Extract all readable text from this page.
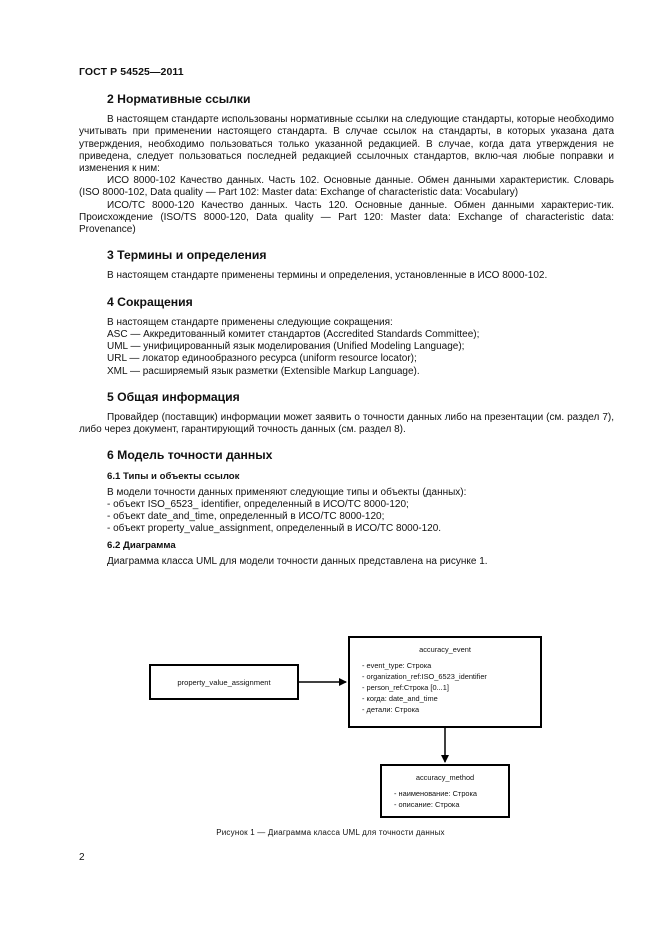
ГОСТ Р 54525—2011
2 Нормативные ссылки

В настоящем стандарте использованы нормативные ссылки на следующие стандарты, которые необходимо учитывать при применении настоящего стандарта. В случае ссылок на стандарты, в которых указана дата утверждения, необходимо пользоваться только указанной редакцией. В случае, когда дата утверждения не приведена, следует пользоваться последней редакцией ссылочных стандартов, вклю-чая любые поправки и изменения к ним:

ИСО 8000-102 Качество данных. Часть 102. Основные данные. Обмен данными характеристик. Словарь (ISO 8000-102, Data quality — Part 102: Master data: Exchange of characteristic data: Vocabulary)

ИСО/ТС 8000-120 Качество данных. Часть 120. Основные данные. Обмен данными характерис-тик. Происхождение (ISO/TS 8000-120, Data quality — Part 120: Master data: Exchange of characteristic data: Provenance)

3 Термины и определения

В настоящем стандарте применены термины и определения, установленные в ИСО 8000-102.

4 Сокращения

В настоящем стандарте применены следующие сокращения:

ASC — Аккредитованный комитет стандартов (Accredited Standards Committee);

UML — унифицированный язык моделирования (Unified Modeling Language);

URL — локатор единообразного ресурса (uniform resource locator);

XML — расширяемый язык разметки (Extensible Markup Language).

5 Общая информация

Провайдер (поставщик) информации может заявить о точности данных либо на презентации (см. раздел 7), либо через документ, гарантирующий точность данных (см. раздел 8).

6 Модель точности данных
6.1 Типы и объекты ссылок

В модели точности данных применяют следующие типы и объекты (данных):

- объект ISO_6523_ identifier, определенный в ИСО/ТС 8000-120;

- объект date_and_time, определенный в ИСО/ТС 8000-120;

- объект property_value_assignment, определенный в ИСО/ТС 8000-120.

6.2 Диаграмма

Диаграмма класса UML для модели точности данных представлена на рисунке 1.

property_value_assignment
accuracy_event
- event_type: Строка
- organization_ref:ISO_6523_identifier
- person_ref:Строка [0...1]
- когда: date_and_time
- детали: Строка
accuracy_method
- наименование: Строка
- описание: Строка
Рисунок 1 — Диаграмма класса UML для точности данных
2
